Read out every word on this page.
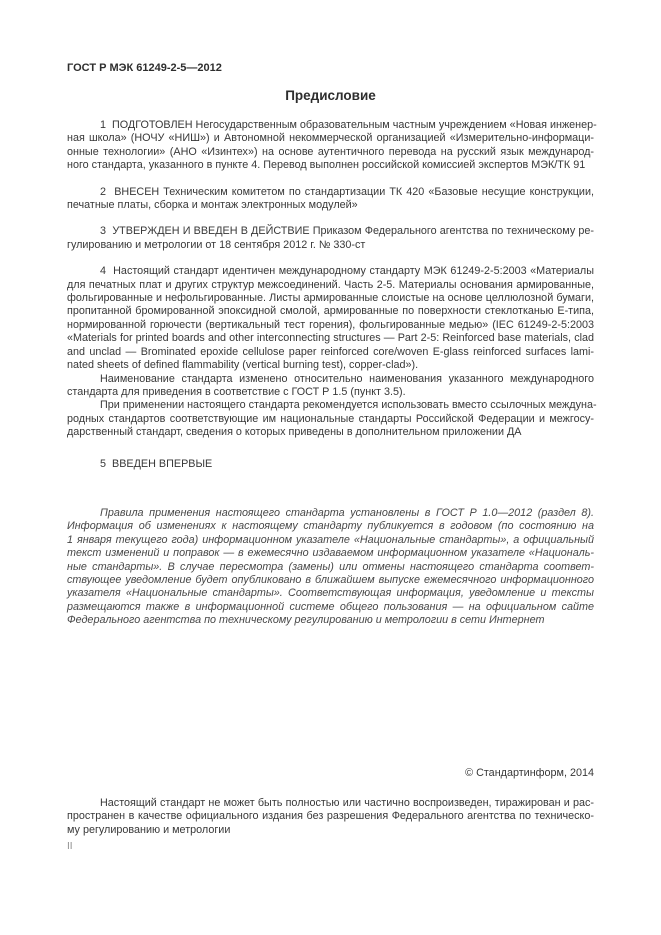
ГОСТ Р МЭК 61249-2-5—2012
Предисловие
1  ПОДГОТОВЛЕН Негосударственным образовательным частным учреждением «Новая инженер-
ная школа» (НОЧУ «НИШ») и Автономной некоммерческой организацией «Измерительно-информаци-
онные технологии» (АНО «Изинтех») на основе аутентичного перевода на русский язык международ-
ного стандарта, указанного в пункте 4. Перевод выполнен российской комиссией экспертов МЭК/ТК 91
2  ВНЕСЕН Техническим комитетом по стандартизации ТК 420 «Базовые несущие конструкции,
печатные платы, сборка и монтаж электронных модулей»
3  УТВЕРЖДЕН И ВВЕДЕН В ДЕЙСТВИЕ Приказом Федерального агентства по техническому ре-
гулированию и метрологии от 18 сентября 2012 г. № 330-ст
4  Настоящий стандарт идентичен международному стандарту МЭК 61249-2-5:2003 «Материалы
для печатных плат и других структур межсоединений. Часть 2-5. Материалы основания армированные,
фольгированные и нефольгированные. Листы армированные слоистые на основе целлюлозной бумаги,
пропитанной бромированной эпоксидной смолой, армированные по поверхности стеклотканью Е-типа,
нормированной горючести (вертикальный тест горения), фольгированные медью» (IEC 61249-2-5:2003
«Materials for printed boards and other interconnecting structures — Part 2-5: Reinforced base materials, clad
and unclad — Brominated epoxide cellulose paper reinforced core/woven E-glass reinforced surfaces lami-
nated sheets of defined flammability (vertical burning test), copper-clad»).
Наименование стандарта изменено относительно наименования указанного международного
стандарта для приведения в соответствие с ГОСТ Р 1.5 (пункт 3.5).
При применении настоящего стандарта рекомендуется использовать вместо ссылочных междуна-
родных стандартов соответствующие им национальные стандарты Российской Федерации и межгосу-
дарственный стандарт, сведения о которых приведены в дополнительном приложении ДА
5  ВВЕДЕН ВПЕРВЫЕ
Правила применения настоящего стандарта установлены в ГОСТ Р 1.0—2012 (раздел 8).
Информация об изменениях к настоящему стандарту публикуется в годовом (по состоянию на
1 января текущего года) информационном указателе «Национальные стандарты», а официальный
текст изменений и поправок — в ежемесячно издаваемом информационном указателе «Националь-
ные стандарты». В случае пересмотра (замены) или отмены настоящего стандарта соответ-
ствующее уведомление будет опубликовано в ближайшем выпуске ежемесячного информационного
указателя «Национальные стандарты». Соответствующая информация, уведомление и тексты
размещаются также в информационной системе общего пользования — на официальном сайте
Федерального агентства по техническому регулированию и метрологии в сети Интернет
© Стандартинформ, 2014
Настоящий стандарт не может быть полностью или частично воспроизведен, тиражирован и рас-
пространен в качестве официального издания без разрешения Федерального агентства по техническо-
му регулированию и метрологии
II
